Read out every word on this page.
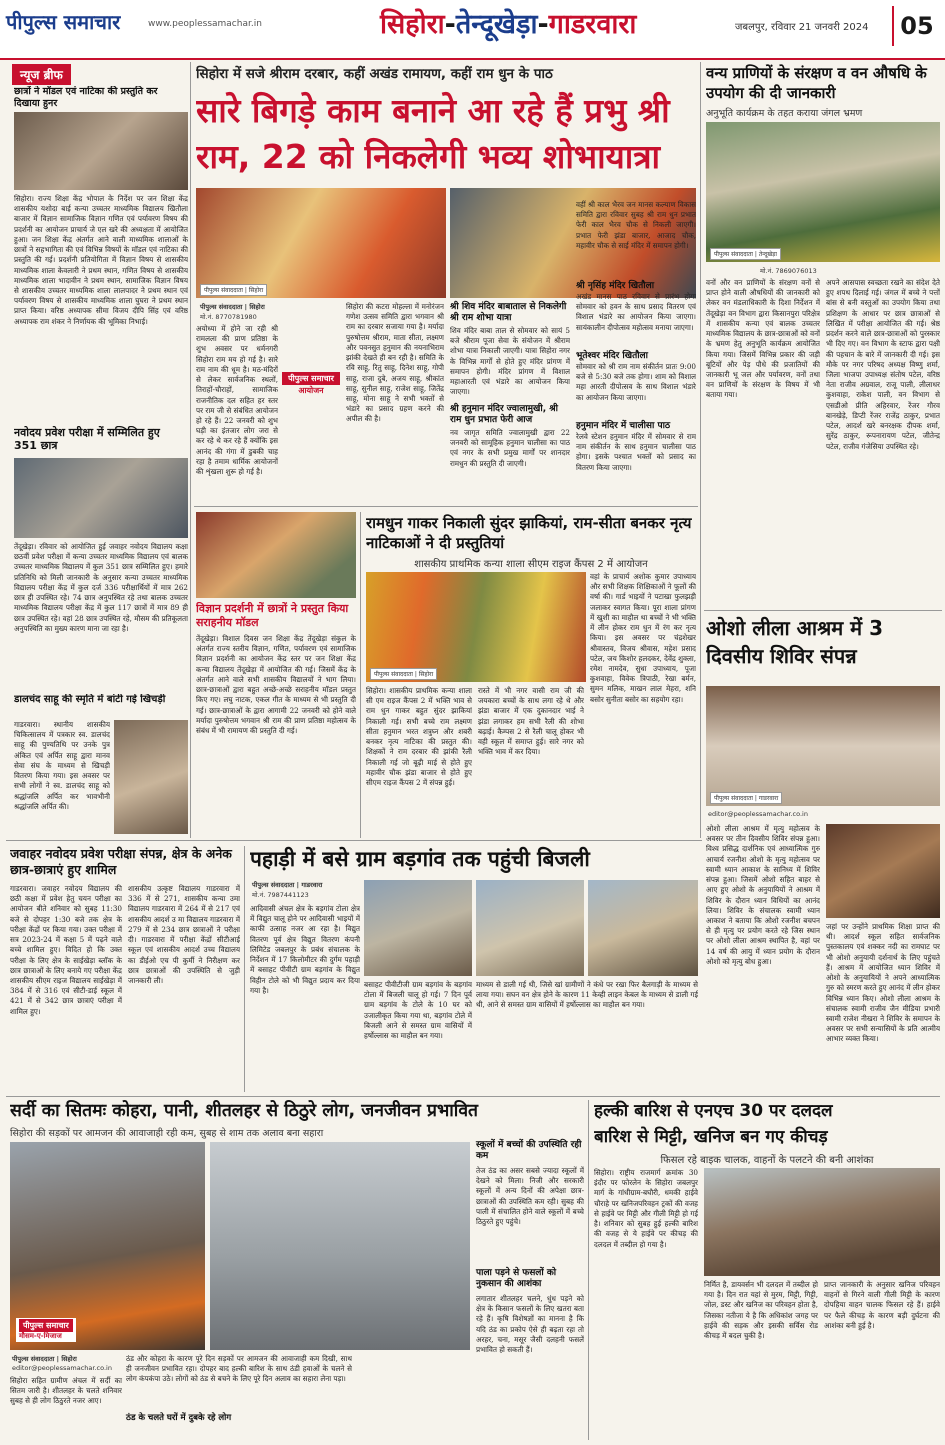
पीपुल्स समाचार	www.peoplessamachar.in	सिहोरा-तेन्दूखेड़ा-गाडरवारा	जबलपुर, रविवार 21 जनवरी 2024	05
न्यूज ब्रीफ
छात्रों ने मॉडल एवं नाटिका की प्रस्तुति कर दिखाया हुनर
सिहोरा। राज्य शिक्षा केंद्र भोपाल के निर्देश पर जन शिक्षा केंद्र शासकीय यशोदा बाई कन्या उच्चतर माध्यमिक विद्यालय खितौला बाजार में विज्ञान सामाजिक विज्ञान गणित एवं पर्यावरण विषय की प्रदर्शनी का आयोजन प्राचार्य जे एल खरे की अध्यक्षता में आयोजित हुआ। जन शिक्षा केंद्र अंतर्गत आने वाली माध्यमिक शालाओं के छात्रों ने सहभागिता की एवं विभिन्न विषयों के मॉडल एवं नाटिका की प्रस्तुति की गई। प्रदर्शनी प्रतियोगिता में विज्ञान विषय से शासकीय माध्यमिक शाला केवलारी ने प्रथम स्थान, गणित विषय से शासकीय माध्यमिक शाला भादावीन ने प्रथम स्थान, सामाजिक विज्ञान विषय से शासकीय उच्चतर माध्यमिक शाला लालपादर ने प्रथम स्थान एवं पर्यावरण विषय से शासकीय माध्यमिक शाला घुघरा ने प्रथम स्थान प्राप्त किया। वरिष्ठ अध्यापक सीमा विजय दीपि सिंह एवं वरिष्ठ अध्यापक राम शंकर ने निर्णायक की भूमिका निभाई।
नवोदय प्रवेश परीक्षा में सम्मिलित हुए 351 छात्र
तेंदूखेड़ा। रविवार को आयोजित हुई जवाहर नवोदय विद्यालय कक्षा छठवीं प्रवेश परीक्षा में कन्या उच्चतर माध्यमिक विद्यालय एवं बालक उच्चतर माध्यमिक विद्यालय में कुल 351 छात्र सम्मिलित हुए। हमारे प्रतिनिधि को मिली जानकारी के अनुसार कन्या उच्चतर माध्यमिक विद्यालय परीक्षा केंद्र में कुल दर्ज 336 परीक्षार्थियों में मात्र 262 छात्र ही उपस्थित रहे। 74 छात्र अनुपस्थित रहे तथा बालक उच्चतर माध्यमिक विद्यालय परीक्षा केंद्र में कुल 117 छात्रों में मात्र 89 ही छात्र उपस्थित रहे। वहां 28 छात्र उपस्थित रहे, मौसम की प्रतिकूलता अनुपस्थिति का मुख्य कारण माना जा रहा है।
डालचंद साहू की स्मृति में बांटी गई खिचड़ी
गाडरवारा। स्थानीय शासकीय चिकित्सालय में पत्रकार स्व. डालचंद साहू की पुण्यतिथि पर उनके पुत्र अंकित एवं अर्पित साहू द्वारा मानव सेवा संघ के माध्यम से खिचड़ी वितरण किया गया। इस अवसर पर सभी लोगों ने स्व. डालचंद साहू को श्रद्धांजलि अर्पित कर भावभीनी श्रद्धांजलि अर्पित की।
सिहोरा में सजे श्रीराम दरबार, कहीं अखंड रामायण, कहीं राम धुन के पाठ
सारे बिगड़े काम बनाने आ रहे हैं प्रभु श्री राम, 22 को निकलेगी भव्य शोभायात्रा
पीपुल्स संवाददाता | सिहोरा
पीपुल्स संवाददाता | सिहोरा
मो.नं. 8770781980
अयोध्या में होने जा रही श्री रामलला की प्राण प्रतिष्ठा के शुभ अवसर पर धर्मनगरी सिहोरा राम मय हो गई है। सारे राम नाम की धूम है। मठ-मंदिरों से लेकर सार्वजनिक स्थलों, तिराहों-चौराहों, सामाजिक राजनीतिक दल सहित हर स्तर पर राम जी से संबंधित आयोजन हो रहे हैं। 22 जनवरी को शुभ घड़ी का इंतजार लोग जरा से कर रहे थे कर रहे हैं क्योंकि इस आनंद की गंगा में डुबकी चाह रहा है तमाम धार्मिक आयोजनों की शृंखला शुरू हो गई है।
पीपुल्स समाचार
आयोजन
सिहोरा की कटरा मोहल्ला में मनोरंजन गणेश उत्सव समिति द्वारा भगवान श्री राम का दरबार सजाया गया है। मर्यादा पुरुषोत्तम श्रीराम, माता सीता, लक्ष्मण और पवनसुत हनुमान की नयनाभिराम झांकी देखते ही बन रही है। समिति के रवि साहू, रितु साहू, दिनेश साहू, गोपी साहू, राजा दुबे, अजय साहू, श्रीकांत साहू, सुनील साहू, राजेश साहू, जितेंद्र साहू, मोना साहू ने सभी भक्तों से भंडारे का प्रसाद ग्रहण करने की अपील की है।
श्री शिव मंदिर बाबाताल से निकलेगी श्री राम शोभा यात्रा
शिव मंदिर बाबा ताल से सोमवार को सायं 5 बजे श्रीराम पूजा सेवा के संयोजन में श्रीराम शोभा यात्रा निकाली जाएगी। यात्रा सिहोरा नगर के विभिन्न मार्गों से होते हुए मंदिर प्रांगण में समापन होगी। मंदिर प्रांगण में विशाल महाआरती एवं भंडारे का आयोजन किया जाएगा।
श्री हनुमान मंदिर ज्वालामुखी, श्री राम धुन प्रभात फेरी आज
नव जागृत समिति ज्वालामुखी द्वारा 22 जनवरी को सामूहिक हनुमान चालीसा का पाठ एवं नगर के सभी प्रमुख मार्गों पर शानदार रामधुन की प्रस्तुति दी जाएगी।
वहीं श्री काल भैरव जन मानस कल्याण विकास समिति द्वारा रविवार सुबह श्री राम धुन प्रभात फेरी काल भैरव चौक से निकली जाएगी। प्रभात फेरी झंडा बाजार, आजाद चौक, महावीर चौक से साई मंदिर में समापन होगी।
श्री नृसिंह मंदिर खितौला
अखंड मानस पाठ रविवार से प्रारंभ होगा सोमवार को हवन के साथ प्रसाद वितरण एवं विशाल भंडारे का आयोजन किया जाएगा। सायंकालीन दीपोत्सव महोत्सव मनाया जाएगा।
भूतेश्वर मंदिर खितौला
सोमवार को श्री राम नाम संकीर्तन प्रातः 9:00 बजे से 5:30 बजे तक होगा। शाम को विशाल महा आरती दीपोत्सव के साथ विशाल भंडारे का आयोजन किया जाएगा।
हनुमान मंदिर में चालीसा पाठ
रेलवे स्टेशन हनुमान मंदिर में सोमवार से राम नाम संकीर्तन के साथ हनुमान चालीसा पाठ होगा। इसके पश्चात भक्तों को प्रसाद का वितरण किया जाएगा।
विज्ञान प्रदर्शनी में छात्रों ने प्रस्तुत किया सराहनीय मॉडल
तेंदूखेड़ा। विशाल दिवस जन शिक्षा केंद्र तेंदूखेड़ा संकुल के अंतर्गत राज्य स्तरीय विज्ञान, गणित, पर्यावरण एवं सामाजिक विज्ञान प्रदर्शनी का आयोजन केंद्र स्तर पर जन शिक्षा केंद्र कन्या विद्यालय तेंदूखेड़ा में आयोजित की गई। जिसमें केंद्र के अंतर्गत आने वाले सभी शासकीय विद्यालयों ने भाग लिया। छात्र-छात्राओं द्वारा बहुत अच्छे-अच्छे सराहनीय मॉडल प्रस्तुत किए गए। लघु नाटक, एकल गीत के माध्यम से भी प्रस्तुति दी गई। छात्र-छात्राओं के द्वारा आगामी 22 जनवरी को होने वाले मर्यादा पुरुषोत्तम भगवान श्री राम की प्राण प्रतिष्ठा महोत्सव के संबंध में भी रामायण की प्रस्तुति दी गई।
रामधुन गाकर निकाली सुंदर झाकियां, राम-सीता बनकर नृत्य नाटिकाओं ने दी प्रस्तुतियां
शासकीय प्राथमिक कन्या शाला सीएम राइज कैंपस 2 में आयोजन
पीपुल्स संवाददाता | सिहोरा
सिहोरा। शासकीय प्राथमिक कन्या शाला सी एम राइज कैंपस 2 में भक्ति भाव से राम धुन गाकर बहुत सुंदर झाकियां निकाली गई। सभी बच्चे राम लक्ष्मण सीता हनुमान भरत शत्रुघ्न और शबरी बनकर नृत्य नाटिका की प्रस्तुत की। शिक्षकों ने राम दरबार की झांकी रैली निकाली गई जो बूढ़ी माई से होते हुए महावीर चौक झंडा बाजार से होते हुए सीएम राइज कैंपस 2 में संपन्न हुई।
रास्ते में भी नगर वासी राम जी की जयकारा बच्चों के साथ लगा रहे थे और झंडा बाजार में एक दुकानदार भाई ने झंडा लगाकर हम सभी रैली की शोभा बढ़ाई। कैम्पस 2 से रैली चालू होकर भी वही स्कूल में समाप्त हुई। सारे नगर को भक्ति भाव में कर दिया।
वहां के प्राचार्य अशोक कुमार उपाध्याय और सभी शिक्षक शिक्षिकाओं ने फूलों की वर्षा की। गार्ड भाइयों ने पटाखा फुलझड़ी जलाकर स्वागत किया। पूरा शाला प्रांगण में खुशी का माहौल था बच्चों ने भी भक्ति में लीन होकर राम धुन में रंग कर नृत्य किया। इस अवसर पर चंद्रशेखर श्रीवास्तव, विजय श्रीवास, महेश प्रसाद पटेल, जय किशोर हलदकर, देवेंद्र शुक्ला, रमेश नामदेव, सुधा उपाध्याय, पूजा कुशवाहा, विवेक त्रिपाठी, रेखा बर्मन, सुमन मलिक, माखन लाल मेहरा, शनि बसोर सुनीता बसोर का सहयोग रहा।
वन्य प्राणियों के संरक्षण व वन औषधि के उपयोग की दी जानकारी
अनुभूति कार्यक्रम के तहत कराया जंगल भ्रमण
पीपुल्स संवाददाता | तेन्दूखेड़ा
मो.नं. 7869076013
वनों और वन प्राणियों के संरक्षण वनों से प्राप्त होने वाली औषधियों की जानकारी को लेकर वन मंडलाधिकारी के दिशा निर्देशन में तेंदूखेड़ा वन विभाग द्वारा किसानपुरा परिक्षेत्र में शासकीय कन्या एवं बालक उच्चतर माध्यमिक विद्यालय के छात्र-छात्राओं को वनों के भ्रमण हेतु अनुभूति कार्यक्रम आयोजित किया गया। जिसमें विभिन्न प्रकार की जड़ी बूटियों और पेड़ पौधे की प्रजातियों की जानकारी भू जल और पर्यावरण, वनों तथा वन प्राणियों के संरक्षण के विषय में भी बताया गया।
अपने आसपास स्वच्छता रखने का संदेश देते हुए शपथ दिलाई गई। जंगल में बच्चे ने पत्तों बांस से बनी वस्तुओं का उपयोग किया तथा प्रशिक्षण के आधार पर छात्र छात्राओं से लिखित में परीक्षा आयोजित की गई। श्रेष्ठ प्रदर्शन करने वाले छात्र-छात्राओं को पुरस्कार भी दिए गए। वन विभाग के स्टाफ द्वारा पक्षी की पहचान के बारे में जानकारी दी गई। इस मौके पर नगर परिषद अध्यक्ष विष्णु शर्मा, जिला भाजपा उपाध्यक्ष संतोष पटेल, वरिष्ठ नेता राजीव अग्रवाल, राजू पाली, लीलाधर कुशवाहा, राकेश पाली, वन विभाग से एसडीओ प्रीति अहिरवार, रेंजर गौरव बानखेड़े, डिप्टी रेंजर राजेंद्र ठाकुर, प्रभात पटेल, आदर्श खरे बनरक्षक दीपक शर्मा, सुरेंद्र ठाकुर, रूपनारायण पटेल, जीतेन्द्र पटेल, राजीव गंजेसिया उपस्थित रहे।
ओशो लीला आश्रम में 3 दिवसीय शिविर संपन्न
पीपुल्स संवाददाता | गाडरवारा
editor@peoplessamachar.co.in
ओशो लीला आश्रम में मृत्यु महोत्सव के अवसर पर तीन दिवसीय शिविर संपन्न हुआ। विश्व प्रसिद्ध दार्शनिक एवं आध्यात्मिक गुरु आचार्य रजनीश ओशो के मृत्यु महोत्सव पर स्वामी ध्यान आकाश के सानिध्य में शिविर संपन्न हुआ। जिसमें ओशो सहित बाहर से आए हुए ओशो के अनुयायियों ने आश्रम में शिविर के दौरान ध्यान विधियों का आनंद लिया। शिविर के संचालक स्वामी ध्यान आकाश ने बताया कि ओशो रजनीश बचपन से ही मृत्यु पर प्रयोग करते रहे जिस स्थान पर ओशो लीला आश्रम स्थापित है, वहां पर 14 वर्ष की आयु में ध्यान प्रयोग के दौरान ओशो को मृत्यु बोध हुआ।
जहां पर उन्होंने प्राथमिक शिक्षा प्राप्त की थी। आदर्श स्कूल सहित सार्वजनिक पुस्तकालय एवं शक्कर नदी का रामघाट पर भी ओशो अनुयायी दर्शनार्थ के लिए पहुंचते हैं। आश्रम में आयोजित ध्यान शिविर में ओशो के अनुयायियों ने अपने आध्यात्मिक गुरु को स्मरण करते हुए आनंद में लीन होकर विभिन्न ध्यान किए। ओशो लीला आश्रम के संचालक स्वामी राजीव जैन मीडिया प्रभारी स्वामी राजेश नीखरा ने शिविर के समापन के अवसर पर सभी सन्यासियों के प्रति आत्मीय आभार व्यक्त किया।
जवाहर नवोदय प्रवेश परीक्षा संपन्न, क्षेत्र के अनेक छात्र-छात्राएं हुए शामिल
गाडरवारा। जवाहर नवोदय विद्यालय की छठी कक्षा में प्रवेश हेतु चयन परीक्षा का आयोजन बीते शनिवार को सुबह 11:30 बजे से दोपहर 1:30 बजे तक क्षेत्र के परीक्षा केंद्रों पर किया गया। उक्त परीक्षा में सत्र 2023-24 में कक्षा 5 में पढ़ने वाले बच्चे शामिल हुए। विदित हो कि उक्त परीक्षा के लिए क्षेत्र के साईखेड़ा ब्लॉक के छात्र छात्राओं के लिए बनाये गए परीक्षा केंद्र शासकीय सीएम राइज विद्यालय साईखेड़ा में 384 में से 316 एवं सीटी-डाई स्कूल में 421 में से 342 छात्र छात्राएं परीक्षा में शामिल हुए।
शासकीय उत्कृष्ट विद्यालय गाडरवारा में 336 में से 271, शासकीय कन्या उमा विद्यालय गाडरवारा में 264 में से 217 एवं शासकीय आदर्श उ मा विद्यालय गाडरवारा में 279 में से 234 छात्र छात्राओं ने परीक्षा दी। गाडरवारा में परीक्षा केंद्रों सीटीआई स्कूल एवं शासकीय आदर्श उच्च विद्यालय का डीईओ एच पी कुर्मी ने निरीक्षण कर छात्र छात्राओं की उपस्थिति से जुड़ी जानकारी ली।
पहाड़ी में बसे ग्राम बड़गांव तक पहुंची बिजली
पीपुल्स संवाददाता | गाडरवारा
मो.नं. 7987441123
आदिवासी अंचल क्षेत्र के बड़गांव टोला क्षेत्र में विद्युत चालू होने पर आदिवासी भाइयों में काफी उत्साह नजर आ रहा है। विद्युत वितरण पूर्व क्षेत्र विद्युत वितरण कंपनी लिमिटेड जबलपुर के प्रबंध संचालक के निर्देशन में 17 किलोमीटर की दुर्गम पहाड़ी में बसाहट पीवीटी ग्राम बड़गांव के विद्युत विहीन टोले को भी विद्युत प्रदाय कर दिया गया है।
बसाहट पीवीटीजी ग्राम बड़गांव के बड़गांव टोला में बिजली चालू हो गई। 7 दिन पूर्व ग्राम बड़गांव के टोले के 10 घर को उजालीकृत किया गया था, बड़गांव टोले में बिजली आने से समस्त ग्राम वासियों में हर्षोल्लास का माहौल बन गया।
माध्यम से डाली गई थी, जिसे खां ग्रामीणों ने कंधे पर रखा फिर बैलगाड़ी के माध्यम से लाया गया। सघन वन क्षेत्र होने के कारण 11 केव्ही लाइन केबल के माध्यम से डाली गई थी, आने से समस्त ग्राम वासियों में हर्षोल्लास का माहौल बन गया।
सर्दी का सितमः कोहरा, पानी, शीतलहर से ठिठुरे लोग, जनजीवन प्रभावित
सिहोरा की सड़कों पर आमजन की आवाजाही रही कम, सुबह से शाम तक अलाव बना सहारा
पीपुल्स समाचार
मौसम-ए-मिजाज
पीपुल्स संवाददाता | सिहोरा
editor@peoplessamachar.co.in
सिहोरा सहित ग्रामीण अंचल में सर्दी का सितम जारी है। शीतलहर के चलते शनिवार सुबह से ही लोग ठिठुरते नजर आए।
ठंड और कोहरा के कारण पूरे दिन सड़कों पर आमजन की आवाजाही कम दिखी, साथ ही जनजीवन प्रभावित रहा। दोपहर बाद हल्की बारिश के साथ ठंडी हवाओं के चलने से लोग कंपकंपा उठे। लोगों को ठंड से बचने के लिए पूरे दिन अलाव का सहारा लेना पड़ा।
ठंड के चलते घरों में दुबके रहे लोग
स्कूलों में बच्चों की उपस्थिति रही कम
तेज ठंड का असर सबसे ज्यादा स्कूलों में देखने को मिला। निजी और सरकारी स्कूलों में अन्य दिनों की अपेक्षा छात्र-छात्राओं की उपस्थिति कम रही। सुबह की पाली में संचालित होने वाले स्कूलों में बच्चे ठिठुरते हुए पहुंचे।
पाला पड़ने से फसलों को नुकसान की आशंका
लगातार शीतलहर चलने, धुंध पड़ने को क्षेत्र के किसान फसलों के लिए खतरा बता रहे हैं। कृषि विशेषज्ञों का मानना है कि यदि ठंड का प्रकोप ऐसे ही बढ़ता रहा तो अरहर, चना, मसूर जैसी दलहनी फसलें प्रभावित हो सकती हैं।
हल्की बारिश से एनएच 30 पर दलदल
बारिश से मिट्टी, खनिज बन गए कीचड़
फिसल रहे बाइक चालक, वाहनों के पलटने की बनी आशंका
सिहोरा। राष्ट्रीय राजमार्ग क्रमांक 30 इंदौर पर फोरलेन के सिहोरा जबलपुर मार्ग के गांधीग्राम-बघौरी, धमकी हाईवे चौराहे पर खनिजपरिवहन ट्रकों की वजह से हाईवे पर मिट्टी और गीली मिट्टी हो गई है। शनिवार को सुबह हुई हल्की बारिश की वजह से ये हाईवे पर कीचड़ की दलदल में तब्दील हो गया है।
निर्मित है, डायवर्सन भी दलदल में तब्दील हो गया है। दिन रात यहां से मुरम, मिट्टी, गिट्टी, जोल, डस्ट और खनिज का परिवहन होता है, जिसका नतीजा ये है कि अधिकांश जगह पर हाईवे की सड़क और इसकी सर्विस रोड कीचड़ में बदल चुकी है।
प्राप्त जानकारी के अनुसार खनिज परिवहन वाहनों से गिरने वाली गीली मिट्टी के कारण दोपहिया वाहन चालक फिसल रहे हैं। हाईवे पर फैले कीचड़ के कारण बड़ी दुर्घटना की आशंका बनी हुई है।
